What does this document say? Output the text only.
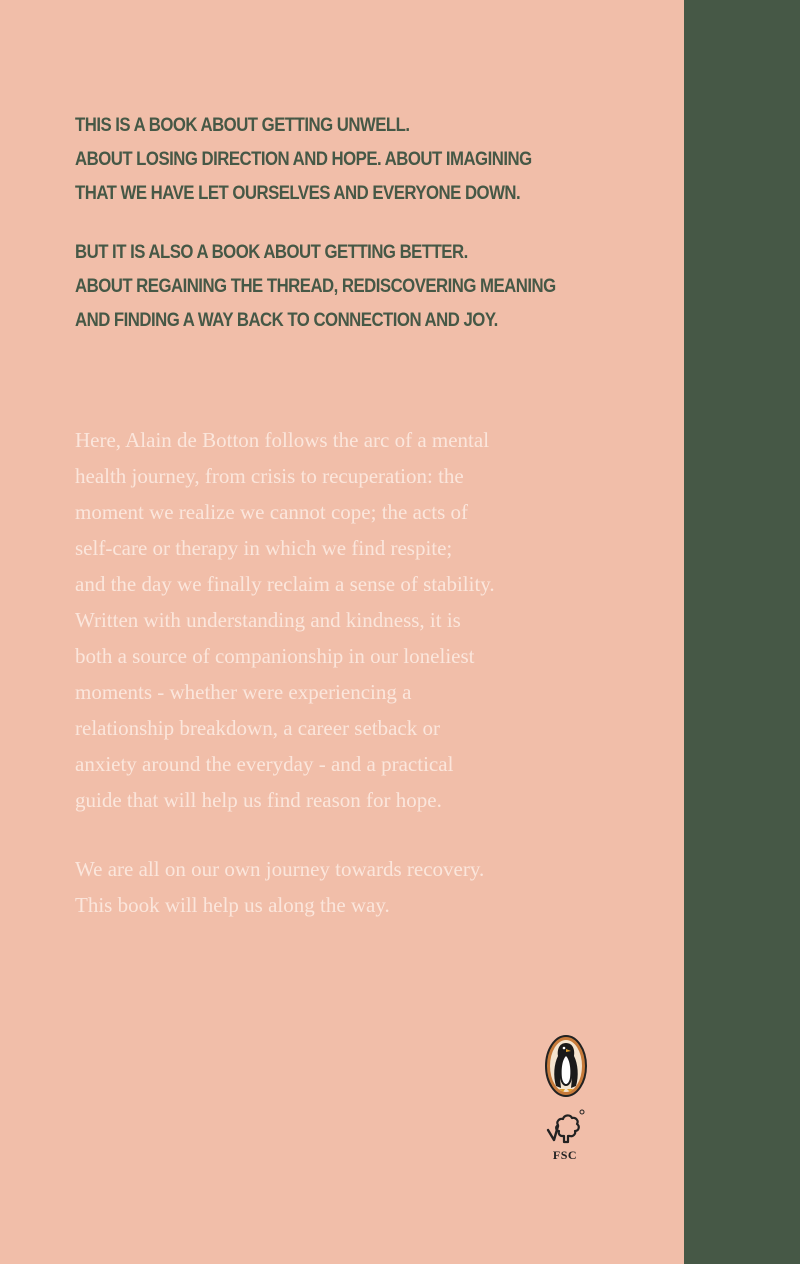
THIS IS A BOOK ABOUT GETTING UNWELL.
ABOUT LOSING DIRECTION AND HOPE. ABOUT IMAGINING
THAT WE HAVE LET OURSELVES AND EVERYONE DOWN.
BUT IT IS ALSO A BOOK ABOUT GETTING BETTER.
ABOUT REGAINING THE THREAD, REDISCOVERING MEANING
AND FINDING A WAY BACK TO CONNECTION AND JOY.
Here, Alain de Botton follows the arc of a mental
health journey, from crisis to recuperation: the
moment we realize we cannot cope; the acts of
self-care or therapy in which we find respite;
and the day we finally reclaim a sense of stability.
Written with understanding and kindness, it is
both a source of companionship in our loneliest
moments - whether were experiencing a
relationship breakdown, a career setback or
anxiety around the everyday - and a practical
guide that will help us find reason for hope.
We are all on our own journey towards recovery.
This book will help us along the way.
FSC
